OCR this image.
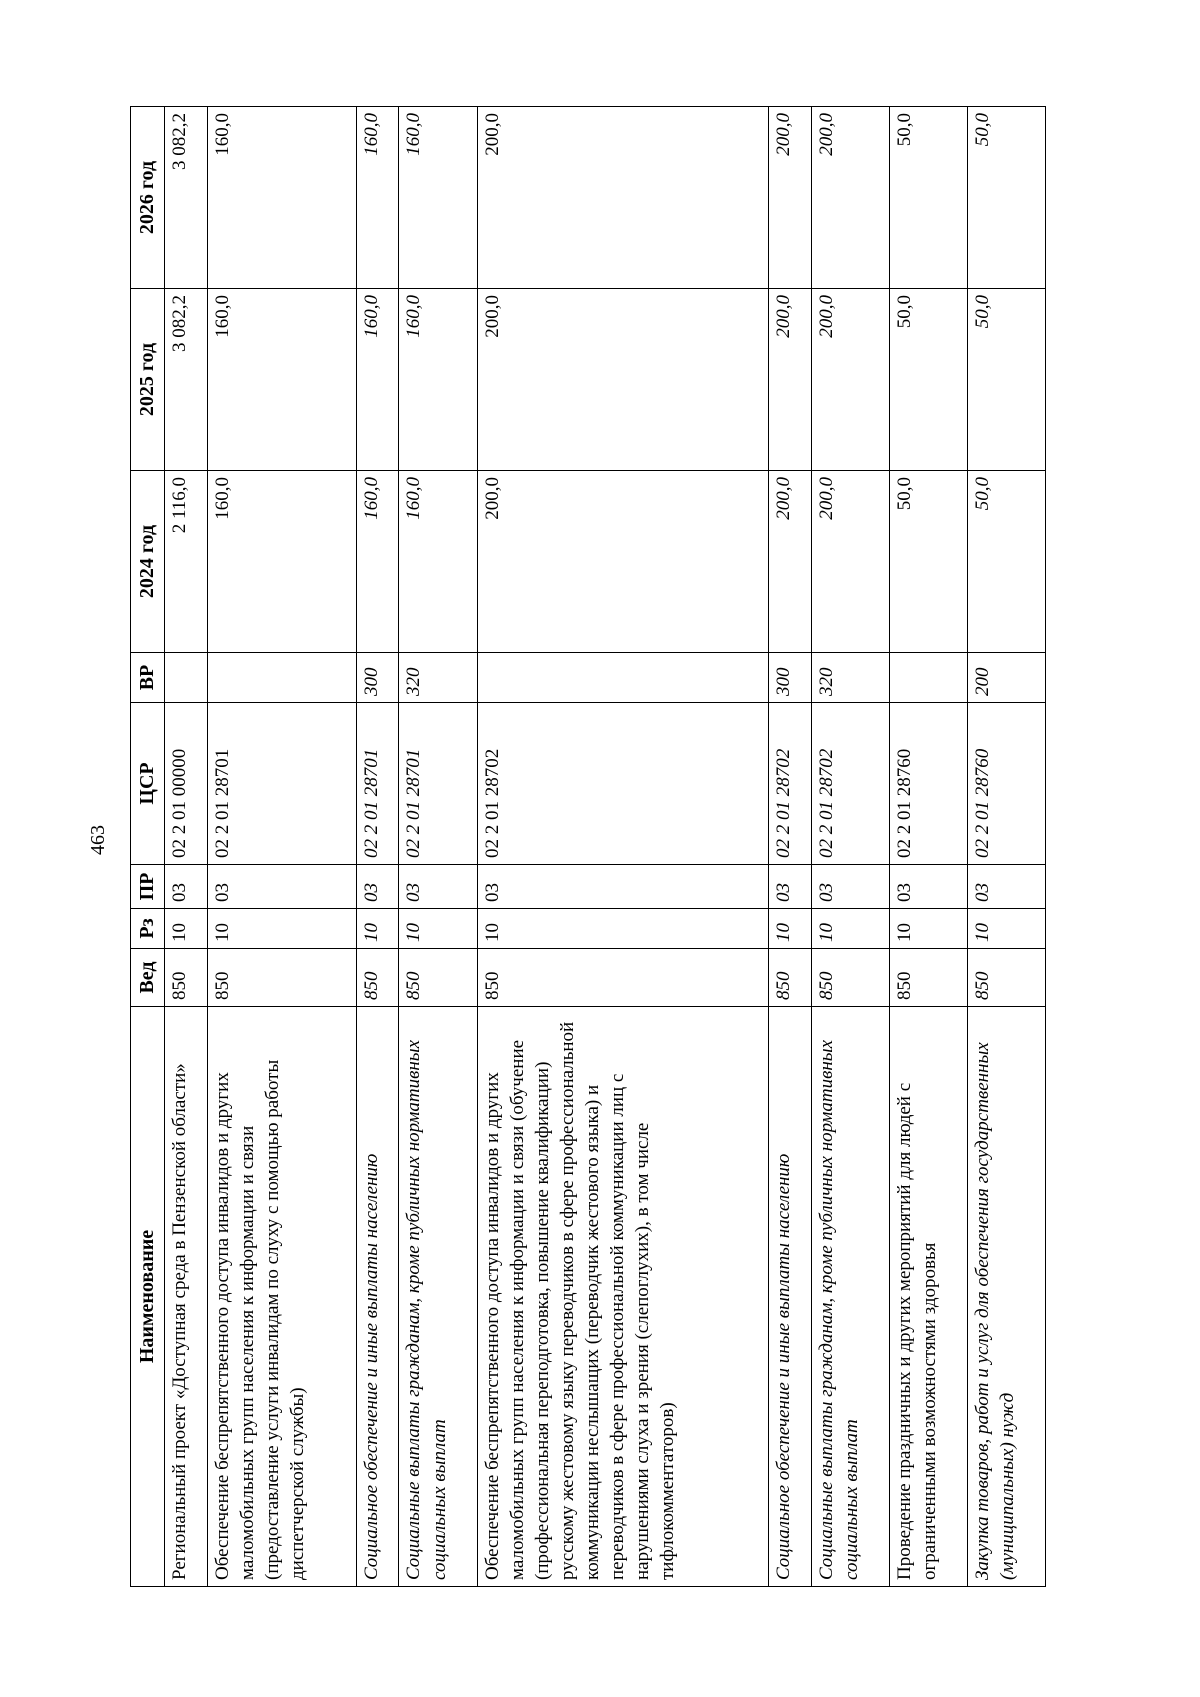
463
Наименование	Вед	Рз	ПР	ЦСР	ВР	2024 год	2025 год	2026 год
Региональный проект «Доступная среда в Пензенской области»	850	10	03	02 2 01 00000		2 116,0	3 082,2	3 082,2
Обеспечение беспрепятственного доступа инвалидов и других маломобильных групп населения к информации и связи (предоставление услуги инвалидам по слуху с помощью работы диспетчерской службы)	850	10	03	02 2 01 28701		160,0	160,0	160,0
Социальное обеспечение и иные выплаты населению	850	10	03	02 2 01 28701	300	160,0	160,0	160,0
Социальные выплаты гражданам, кроме публичных нормативных социальных выплат	850	10	03	02 2 01 28701	320	160,0	160,0	160,0
Обеспечение беспрепятственного доступа инвалидов и других маломобильных групп населения к информации и связи (обучение (профессиональная переподготовка, повышение квалификации) русскому жестовому языку переводчиков в сфере профессиональной коммуникации неслышащих (переводчик жестового языка) и переводчиков в сфере профессиональной коммуникации лиц с нарушениями слуха и зрения (слепоглухих), в том числе тифлокомментаторов)	850	10	03	02 2 01 28702		200,0	200,0	200,0
Социальное обеспечение и иные выплаты населению	850	10	03	02 2 01 28702	300	200,0	200,0	200,0
Социальные выплаты гражданам, кроме публичных нормативных социальных выплат	850	10	03	02 2 01 28702	320	200,0	200,0	200,0
Проведение праздничных и других мероприятий для людей с ограниченными возможностями здоровья	850	10	03	02 2 01 28760		50,0	50,0	50,0
Закупка товаров, работ и услуг для обеспечения государственных (муниципальных) нужд	850	10	03	02 2 01 28760	200	50,0	50,0	50,0
